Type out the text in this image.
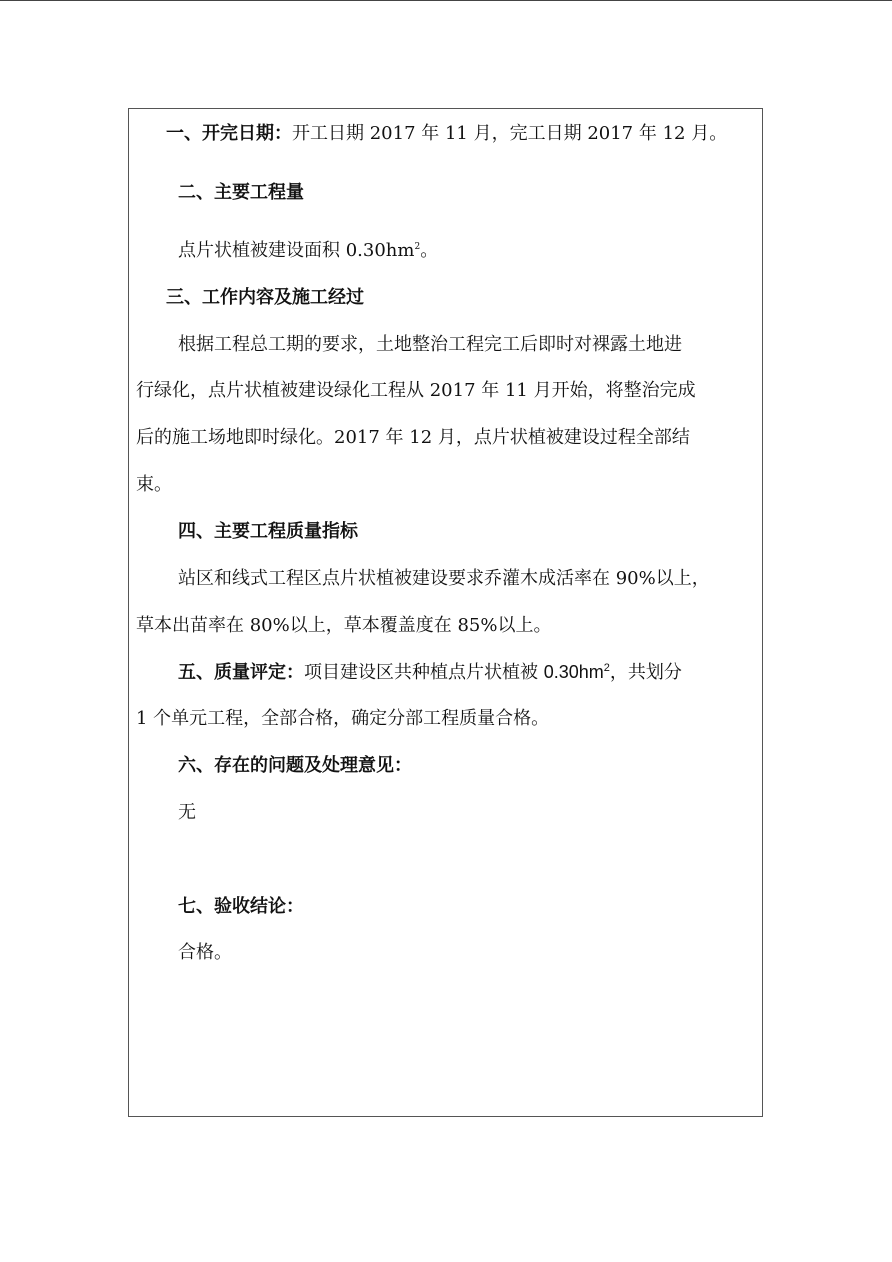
一、开完日期：开工日期 2017 年 11 月，完工日期 2017 年 12 月。
二、主要工程量
点片状植被建设面积 $0.30hm^2$。
三、工作内容及施工经过
根据工程总工期的要求，土地整治工程完工后即时对裸露土地进
行绿化，点片状植被建设绿化工程从 2017 年 11 月开始，将整治完成
后的施工场地即时绿化。2017 年 12 月，点片状植被建设过程全部结
束。
四、主要工程质量指标
站区和线式工程区点片状植被建设要求乔灌木成活率在 90%以上，
草本出苗率在 80%以上，草本覆盖度在 85%以上。
五、质量评定：项目建设区共种植点片状植被 $0.30hm^2$，共划分
1 个单元工程，全部合格，确定分部工程质量合格。
六、存在的问题及处理意见：
无
七、验收结论：
合格。
